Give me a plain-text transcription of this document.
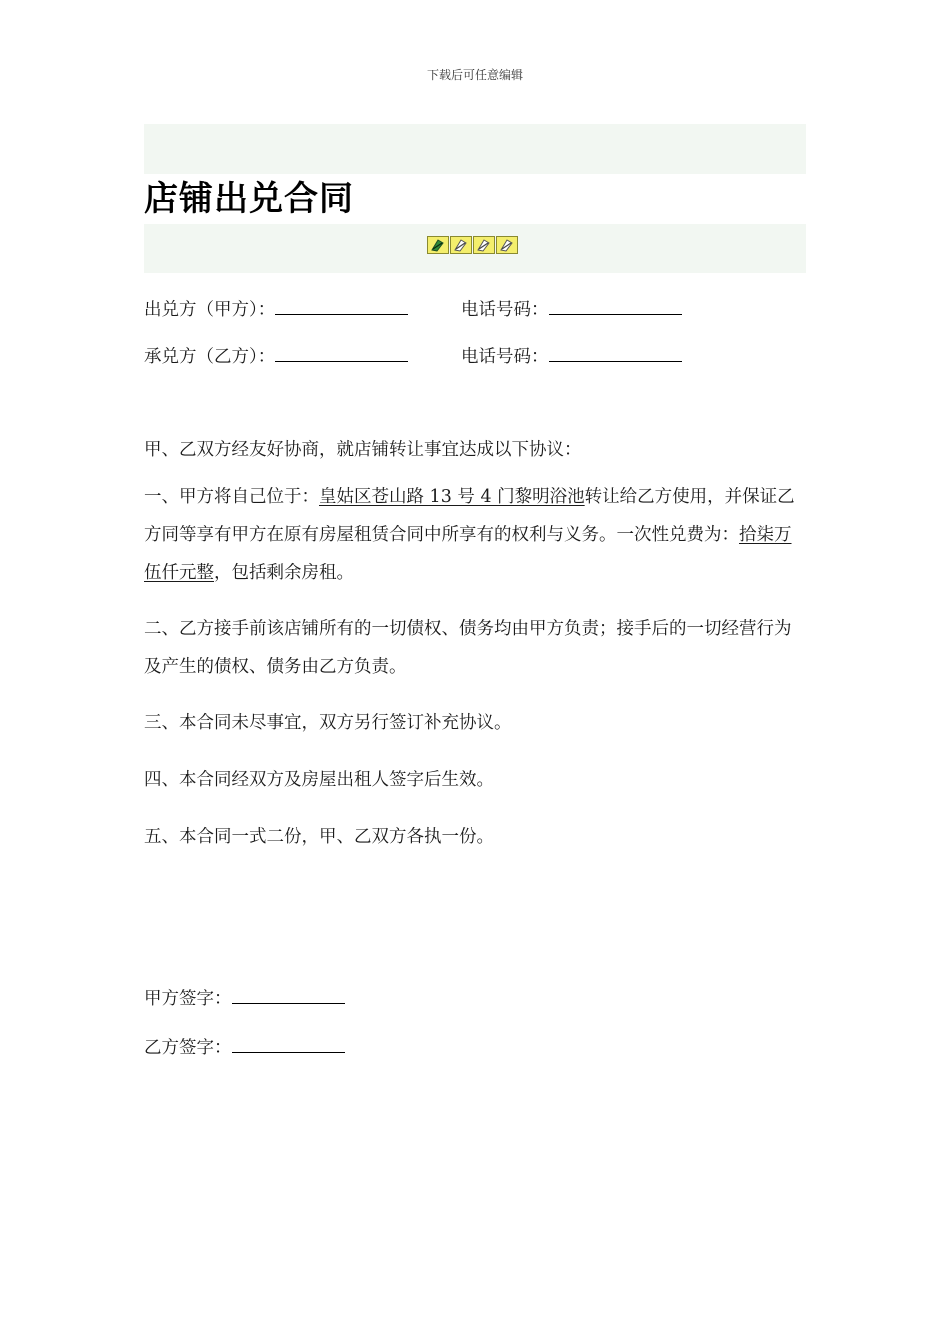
下载后可任意编辑
店铺出兑合同
出兑方（甲方）：	电话号码：
承兑方（乙方）：	电话号码：
甲、乙双方经友好协商，就店铺转让事宜达成以下协议：
一、甲方将自己位于：皇姑区苍山路 13 号 4 门黎明浴池转让给乙方使用，并保证乙方同等享有甲方在原有房屋租赁合同中所享有的权利与义务。一次性兑费为：拾柒万伍仟元整，包括剩余房租。
二、乙方接手前该店铺所有的一切债权、债务均由甲方负责；接手后的一切经营行为及产生的债权、债务由乙方负责。
三、本合同未尽事宜，双方另行签订补充协议。
四、本合同经双方及房屋出租人签字后生效。
五、本合同一式二份，甲、乙双方各执一份。
甲方签字：
乙方签字：
